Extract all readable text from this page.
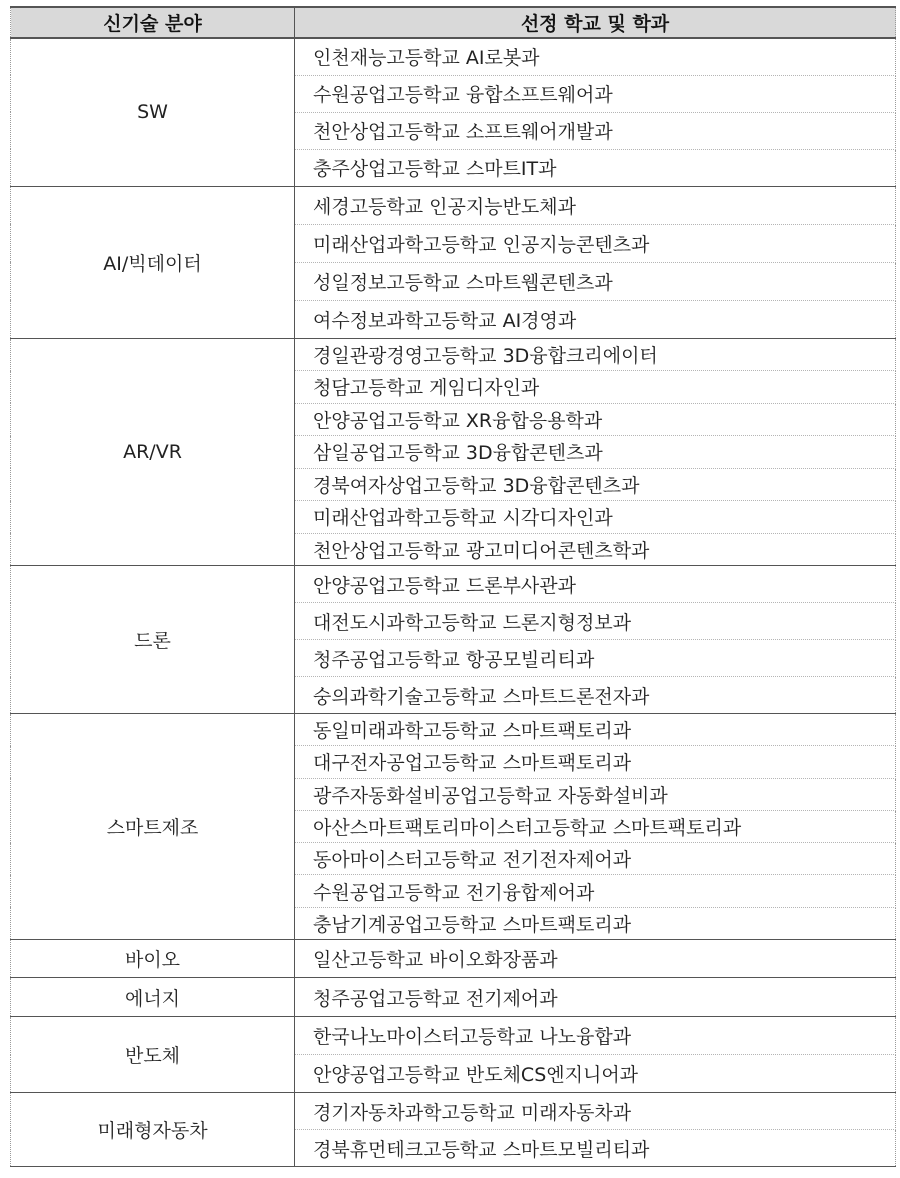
신기술 분야	선정 학교 및 학과
SW	인천재능고등학교 AI로봇과
	수원공업고등학교 융합소프트웨어과
	천안상업고등학교 소프트웨어개발과
	충주상업고등학교 스마트IT과
AI/빅데이터	세경고등학교 인공지능반도체과
	미래산업과학고등학교 인공지능콘텐츠과
	성일정보고등학교 스마트웹콘텐츠과
	여수정보과학고등학교 AI경영과
AR/VR	경일관광경영고등학교 3D융합크리에이터
	청담고등학교 게임디자인과
	안양공업고등학교 XR융합응용학과
	삼일공업고등학교 3D융합콘텐츠과
	경북여자상업고등학교 3D융합콘텐츠과
	미래산업과학고등학교 시각디자인과
	천안상업고등학교 광고미디어콘텐츠학과
드론	안양공업고등학교 드론부사관과
	대전도시과학고등학교 드론지형정보과
	청주공업고등학교 항공모빌리티과
	숭의과학기술고등학교 스마트드론전자과
스마트제조	동일미래과학고등학교 스마트팩토리과
	대구전자공업고등학교 스마트팩토리과
	광주자동화설비공업고등학교 자동화설비과
	아산스마트팩토리마이스터고등학교 스마트팩토리과
	동아마이스터고등학교 전기전자제어과
	수원공업고등학교 전기융합제어과
	충남기계공업고등학교 스마트팩토리과
바이오	일산고등학교 바이오화장품과
에너지	청주공업고등학교 전기제어과
반도체	한국나노마이스터고등학교 나노융합과
	안양공업고등학교 반도체CS엔지니어과
미래형자동차	경기자동차과학고등학교 미래자동차과
	경북휴먼테크고등학교 스마트모빌리티과
